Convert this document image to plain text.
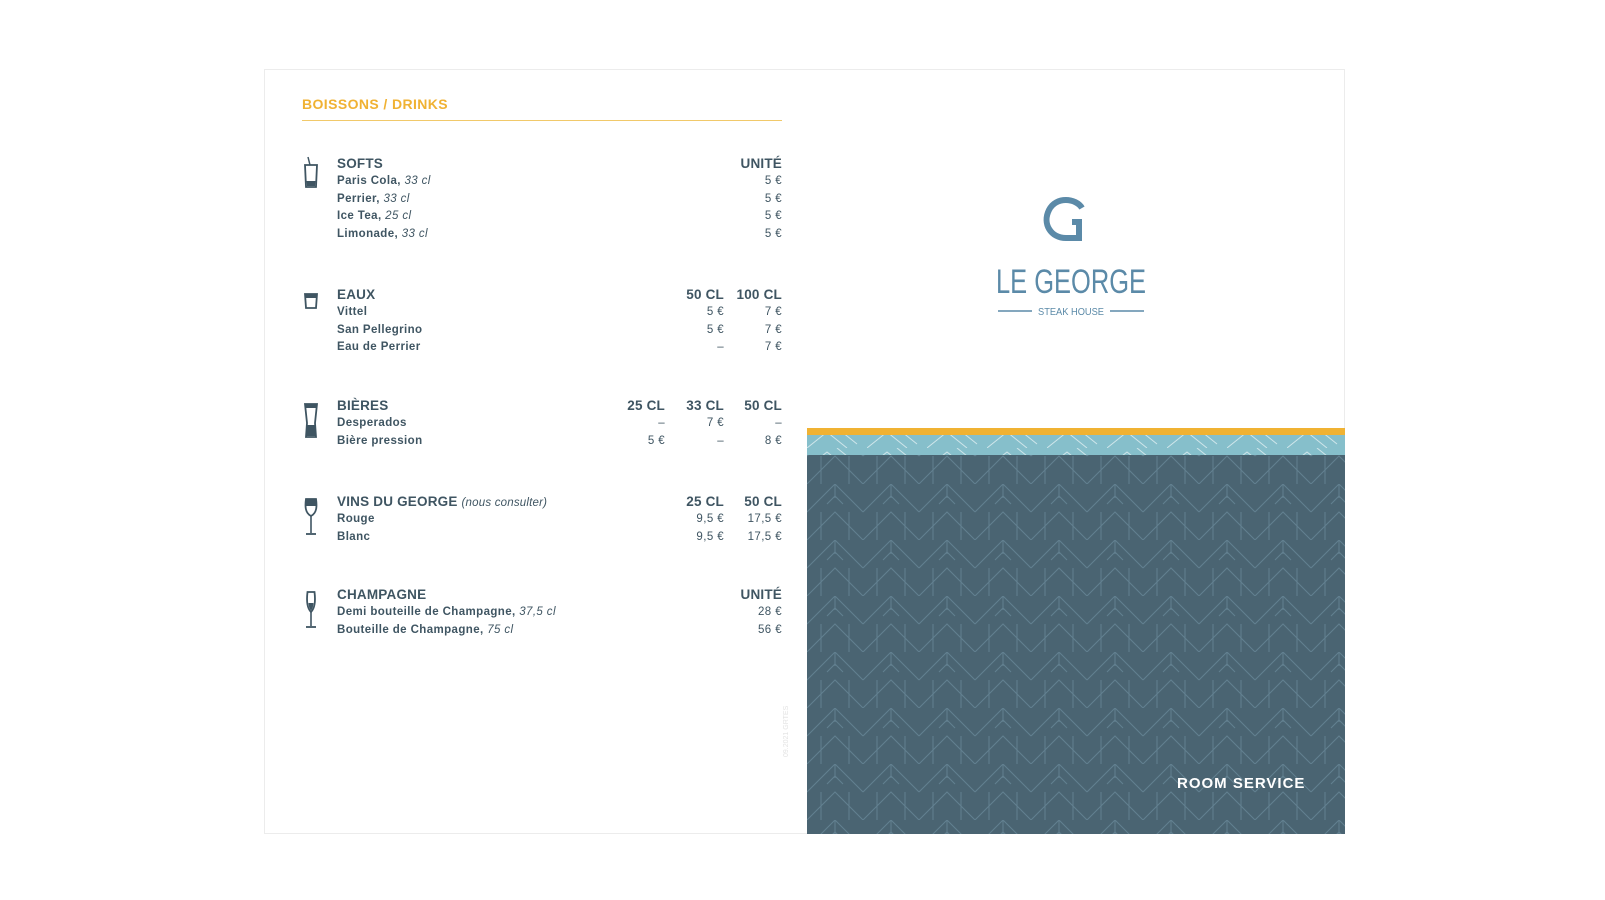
BOISSONS / DRINKS
SOFTS	UNITÉ
Paris Cola, 33 cl	5 €
Perrier, 33 cl	5 €
Ice Tea, 25 cl	5 €
Limonade, 33 cl	5 €
EAUX	50 CL 100 CL
Vittel	5 €	7 €
San Pellegrino	5 €	7 €
Eau de Perrier	–	7 €
BIÈRES	25 CL 33 CL 50 CL
Desperados	–	7 €	–
Bière pression	5 €	–	8 €
VINS DU GEORGE (nous consulter)	25 CL 50 CL
Rouge	9,5 € 17,5 €
Blanc	9,5 € 17,5 €
CHAMPAGNE	UNITÉ
Demi bouteille de Champagne, 37,5 cl	28 €
Bouteille de Champagne, 75 cl	56 €
09.2021 GRTES
LE GEORGE
STEAK HOUSE
ROOM SERVICE
